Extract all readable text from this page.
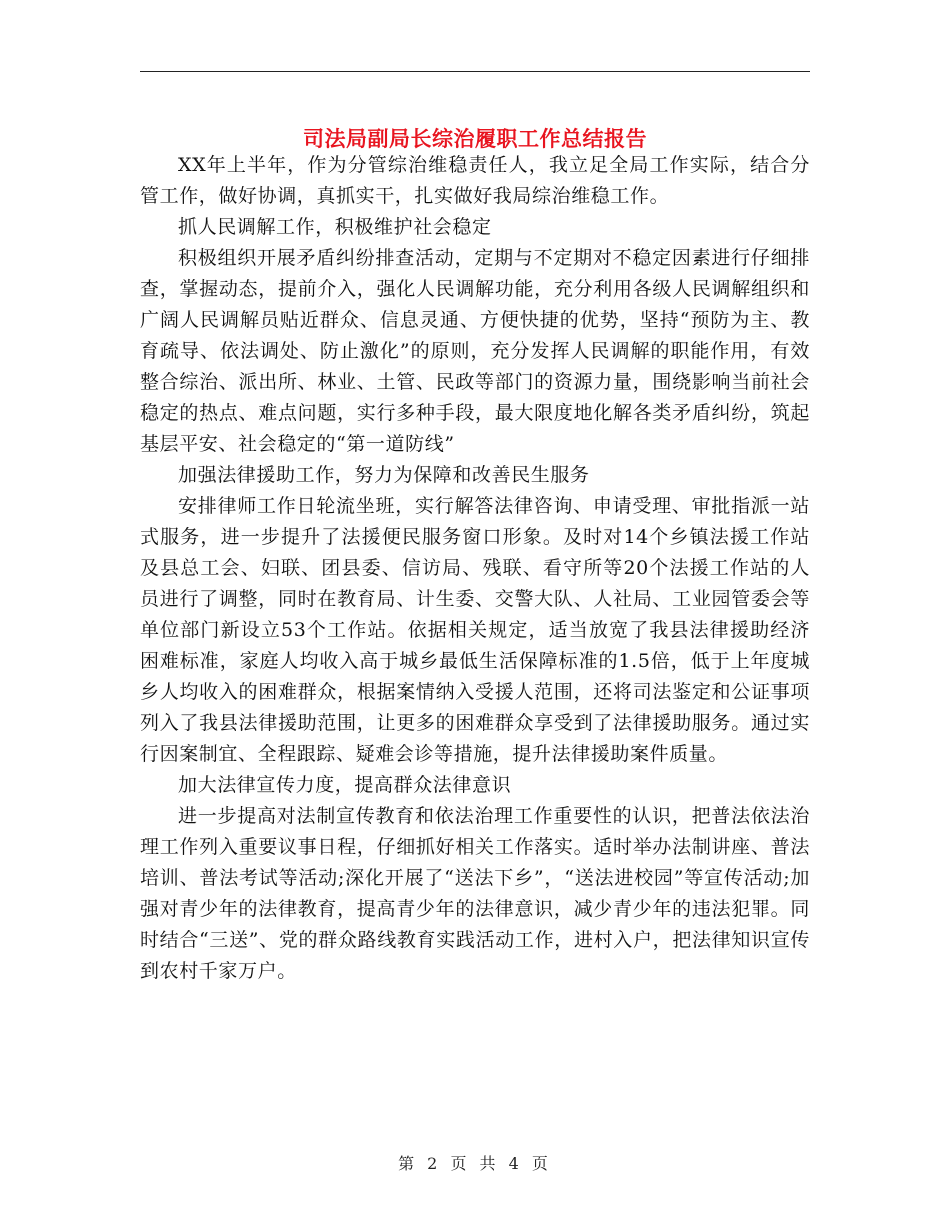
司法局副局长综治履职工作总结报告

XX年上半年，作为分管综治维稳责任人，我立足全局工作实际，结合分管工作，做好协调，真抓实干，扎实做好我局综治维稳工作。

抓人民调解工作，积极维护社会稳定

积极组织开展矛盾纠纷排查活动，定期与不定期对不稳定因素进行仔细排查，掌握动态，提前介入，强化人民调解功能，充分利用各级人民调解组织和广阔人民调解员贴近群众、信息灵通、方便快捷的优势，坚持“预防为主、教育疏导、依法调处、防止激化”的原则，充分发挥人民调解的职能作用，有效整合综治、派出所、林业、土管、民政等部门的资源力量，围绕影响当前社会稳定的热点、难点问题，实行多种手段，最大限度地化解各类矛盾纠纷，筑起基层平安、社会稳定的“第一道防线”

加强法律援助工作，努力为保障和改善民生服务

安排律师工作日轮流坐班，实行解答法律咨询、申请受理、审批指派一站式服务，进一步提升了法援便民服务窗口形象。及时对14个乡镇法援工作站及县总工会、妇联、团县委、信访局、残联、看守所等20个法援工作站的人员进行了调整，同时在教育局、计生委、交警大队、人社局、工业园管委会等单位部门新设立53个工作站。依据相关规定，适当放宽了我县法律援助经济困难标准，家庭人均收入高于城乡最低生活保障标准的1.5倍，低于上年度城乡人均收入的困难群众，根据案情纳入受援人范围，还将司法鉴定和公证事项列入了我县法律援助范围，让更多的困难群众享受到了法律援助服务。通过实行因案制宜、全程跟踪、疑难会诊等措施，提升法律援助案件质量。

加大法律宣传力度，提高群众法律意识

进一步提高对法制宣传教育和依法治理工作重要性的认识，把普法依法治理工作列入重要议事日程，仔细抓好相关工作落实。适时举办法制讲座、普法培训、普法考试等活动;深化开展了“送法下乡”，“送法进校园”等宣传活动;加强对青少年的法律教育，提高青少年的法律意识，减少青少年的违法犯罪。同时结合“三送”、党的群众路线教育实践活动工作，进村入户，把法律知识宣传到农村千家万户。

第 2 页 共 4 页
